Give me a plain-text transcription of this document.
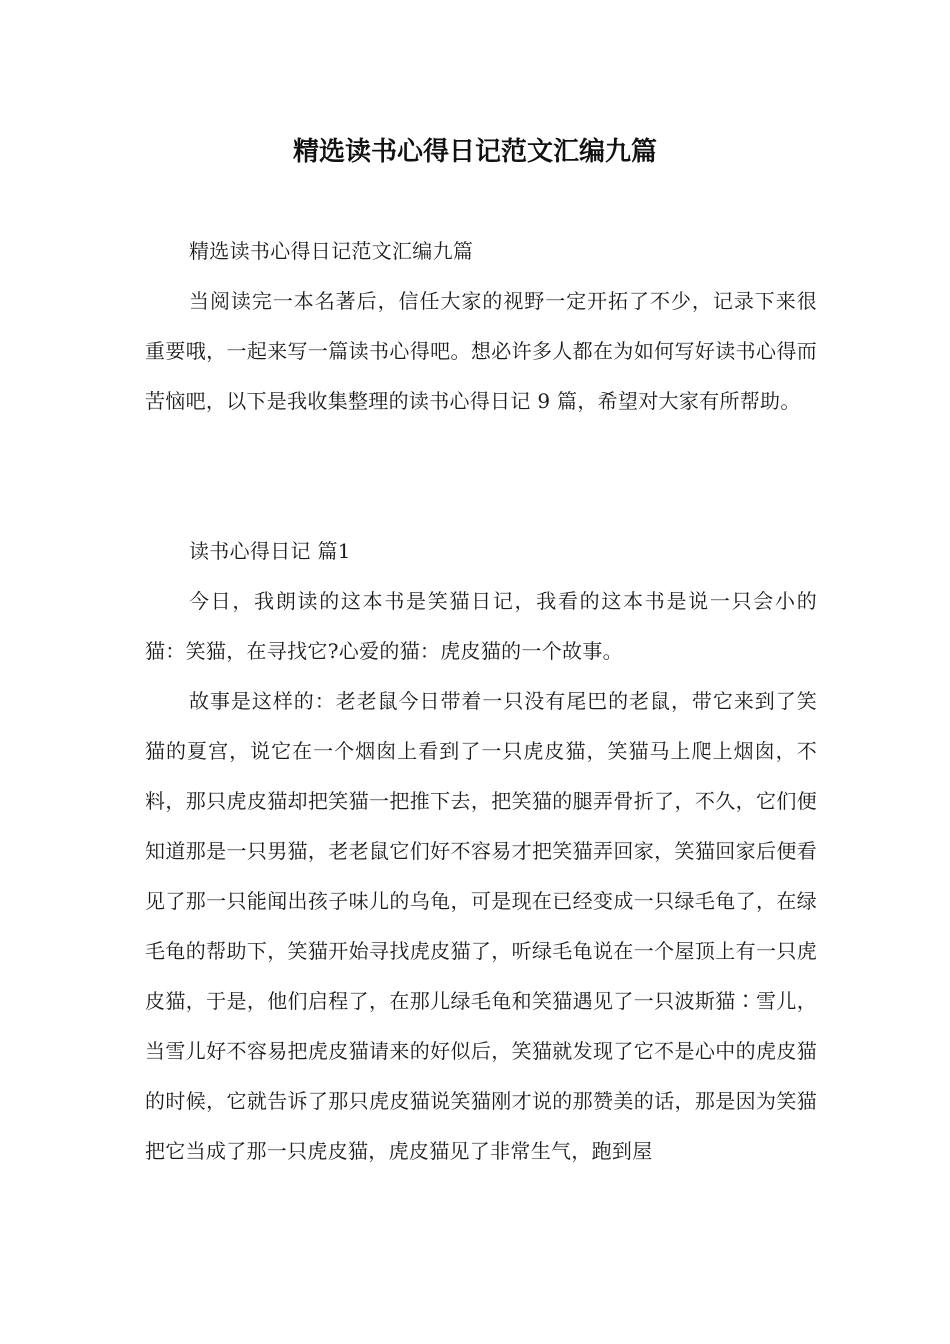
精选读书心得日记范文汇编九篇

精选读书心得日记范文汇编九篇

当阅读完一本名著后，信任大家的视野一定开拓了不少，记录下来很重要哦，一起来写一篇读书心得吧。想必许多人都在为如何写好读书心得而苦恼吧，以下是我收集整理的读书心得日记 9 篇，希望对大家有所帮助。

读书心得日记 篇1

今日，我朗读的这本书是笑猫日记，我看的这本书是说一只会小的猫：笑猫，在寻找它?心爱的猫：虎皮猫的一个故事。

故事是这样的：老老鼠今日带着一只没有尾巴的老鼠，带它来到了笑猫的夏宫，说它在一个烟囱上看到了一只虎皮猫，笑猫马上爬上烟囱，不料，那只虎皮猫却把笑猫一把推下去，把笑猫的腿弄骨折了，不久，它们便知道那是一只男猫，老老鼠它们好不容易才把笑猫弄回家，笑猫回家后便看见了那一只能闻出孩子味儿的乌龟，可是现在已经变成一只绿毛龟了，在绿毛龟的帮助下，笑猫开始寻找虎皮猫了，听绿毛龟说在一个屋顶上有一只虎皮猫，于是，他们启程了，在那儿绿毛龟和笑猫遇见了一只波斯猫∶雪儿，当雪儿好不容易把虎皮猫请来的好似后，笑猫就发现了它不是心中的虎皮猫的时候，它就告诉了那只虎皮猫说笑猫刚才说的那赞美的话，那是因为笑猫把它当成了那一只虎皮猫，虎皮猫见了非常生气，跑到屋
